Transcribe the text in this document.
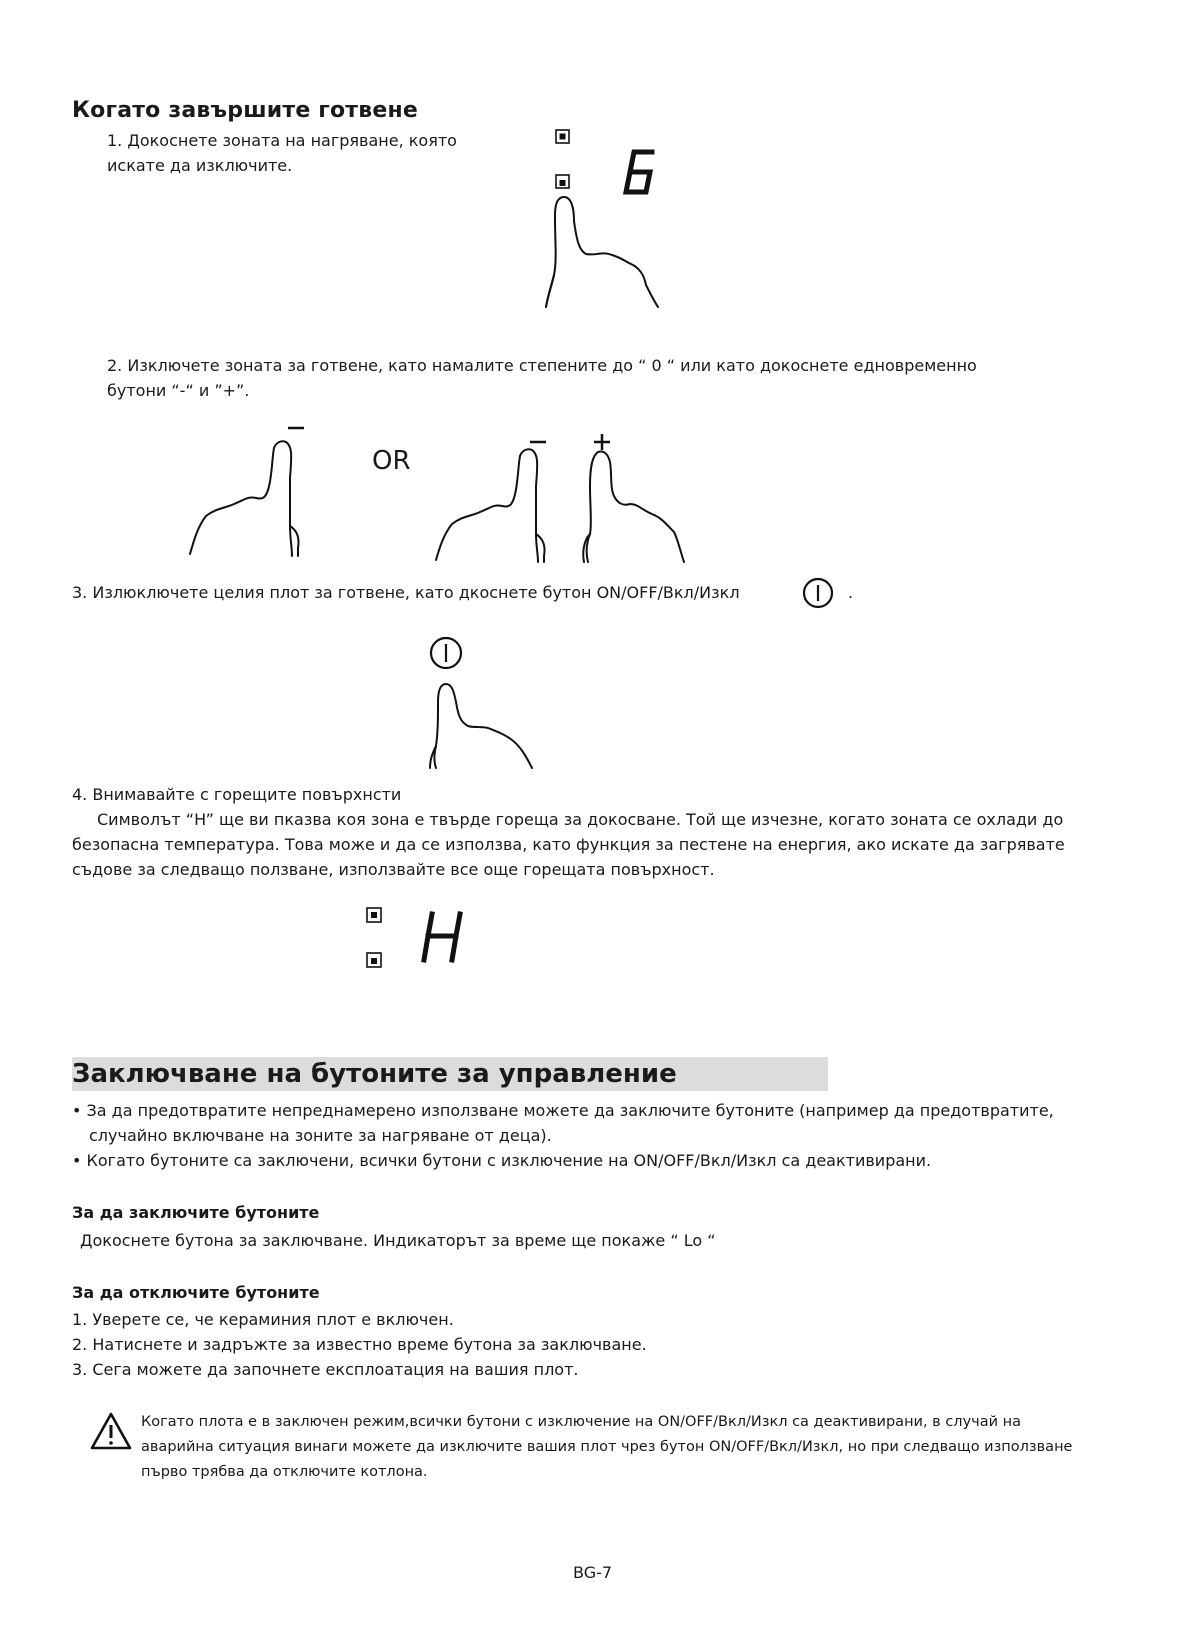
Когато завършите готвене
1. Докоснете зоната на нагряване, която
искате да изключите.
2. Изключете зоната за готвене, като намалите степените до “ 0 “ или като докоснете едновременно
бутони “-“ и ”+”.
OR
3. Излюключете целия плот за готвене, като дкоснете бутон ON/OFF/Вкл/Изкл	.
4. Внимавайте с горещите повърхнсти
Символът “H” ще ви пказва коя зона е твърде гореща за докосване. Той ще изчезне, когато зоната се охлади до
безопасна температура. Това може и да се използва, като функция за пестене на енергия, ако искате да загрявате
съдове за следващо ползване, използвайте все още горещата повърхност.
Заключване на бутоните за управление
• За да предотвратите непреднамерено използване можете да заключите бутоните (например да предотвратите,
случайно включване на зоните за нагряване от деца).
• Когато бутоните са заключени, всички бутони с изключение на ON/OFF/Вкл/Изкл са деактивирани.
За да заключите бутоните
Докоснете бутона за заключване. Индикаторът за време ще покаже “ Lo “
За да отключите бутоните
1. Уверете се, че кераминия плот е включен.
2. Натиснете и задръжте за известно време бутона за заключване.
3. Сега можете да започнете експлоатация на вашия плот.
Когато плота е в заключен режим,всички бутони с изключение на ON/OFF/Вкл/Изкл са деактивирани, в случай на
аварийна ситуация винаги можете да изключите вашия плот чрез бутон ON/OFF/Вкл/Изкл, но при следващо използване
първо трябва да отключите котлона.
BG-7
